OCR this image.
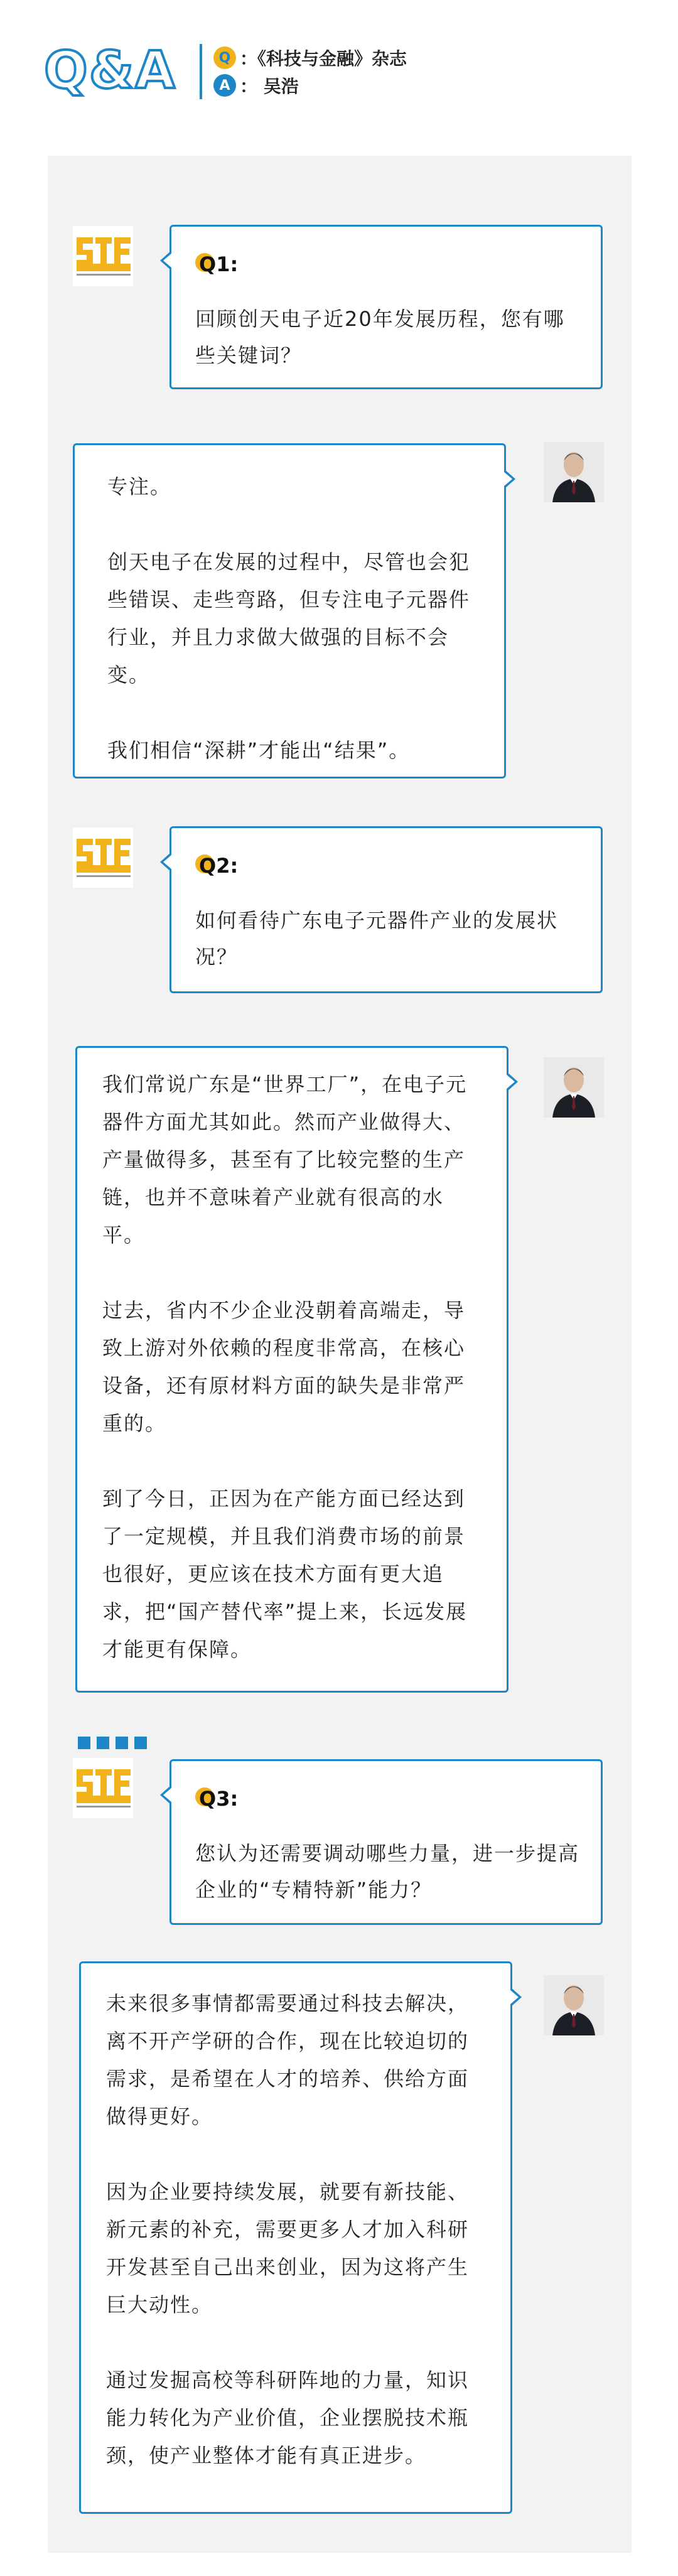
Q&A	Q ：《科技与金融》杂志
A ： 吴浩
Q1:
回顾创天电子近20年发展历程，您有哪些关键词？

专注。

创天电子在发展的过程中，尽管也会犯些错误、走些弯路，但专注电子元器件行业，并且力求做大做强的目标不会变。

我们相信“深耕”才能出“结果”。

Q2:
如何看待广东电子元器件产业的发展状况？

我们常说广东是“世界工厂”，在电子元器件方面尤其如此。然而产业做得大、产量做得多，甚至有了比较完整的生产链，也并不意味着产业就有很高的水平。

过去，省内不少企业没朝着高端走，导致上游对外依赖的程度非常高，在核心设备，还有原材料方面的缺失是非常严重的。

到了今日，正因为在产能方面已经达到了一定规模，并且我们消费市场的前景也很好，更应该在技术方面有更大追求，把“国产替代率”提上来，长远发展才能更有保障。

Q3:
您认为还需要调动哪些力量，进一步提高企业的“专精特新”能力？

未来很多事情都需要通过科技去解决，离不开产学研的合作，现在比较迫切的需求，是希望在人才的培养、供给方面做得更好。

因为企业要持续发展，就要有新技能、新元素的补充，需要更多人才加入科研开发甚至自己出来创业，因为这将产生巨大动性。

通过发掘高校等科研阵地的力量，知识能力转化为产业价值，企业摆脱技术瓶颈，使产业整体才能有真正进步。
